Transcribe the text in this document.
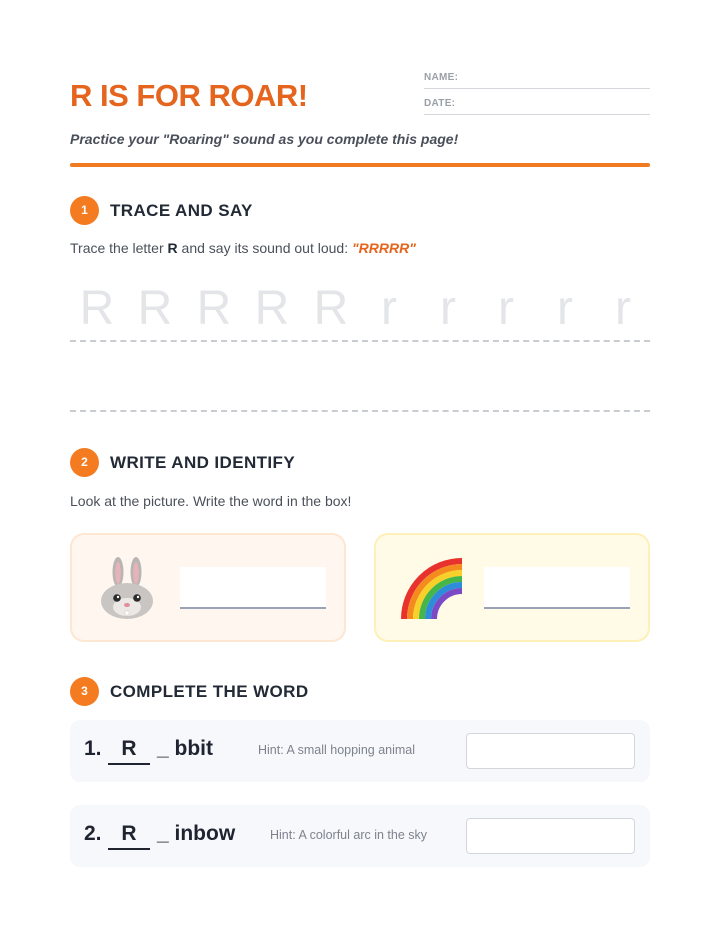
R IS FOR ROAR!
NAME:
DATE:
Practice your "Roaring" sound as you complete this page!
1	TRACE AND SAY
Trace the letter R and say its sound out loud: "RRRRR"
R R R R R r r r r r
2	WRITE AND IDENTIFY
Look at the picture. Write the word in the box!
3	COMPLETE THE WORD
1. R _ bbit	Hint: A small hopping animal
2. R _ inbow	Hint: A colorful arc in the sky
